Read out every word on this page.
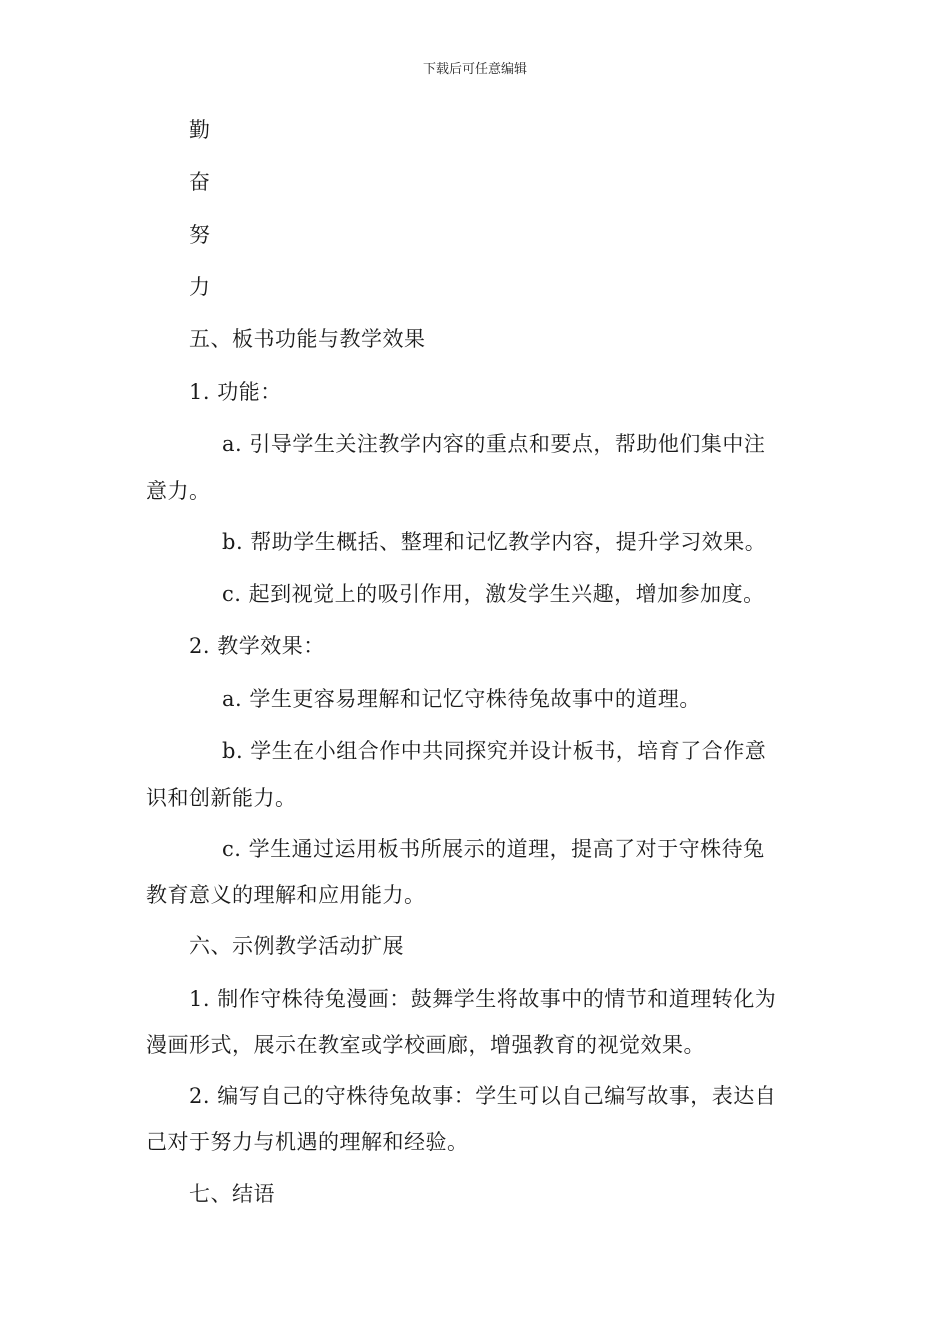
下载后可任意编辑
勤
奋
努
力
五、板书功能与教学效果
1. 功能：
a. 引导学生关注教学内容的重点和要点，帮助他们集中注
意力。
b. 帮助学生概括、整理和记忆教学内容，提升学习效果。
c. 起到视觉上的吸引作用，激发学生兴趣，增加参加度。
2. 教学效果：
a. 学生更容易理解和记忆守株待兔故事中的道理。
b. 学生在小组合作中共同探究并设计板书，培育了合作意
识和创新能力。
c. 学生通过运用板书所展示的道理，提高了对于守株待兔
教育意义的理解和应用能力。
六、示例教学活动扩展
1. 制作守株待兔漫画：鼓舞学生将故事中的情节和道理转化为
漫画形式，展示在教室或学校画廊，增强教育的视觉效果。
2. 编写自己的守株待兔故事：学生可以自己编写故事，表达自
己对于努力与机遇的理解和经验。
七、结语
